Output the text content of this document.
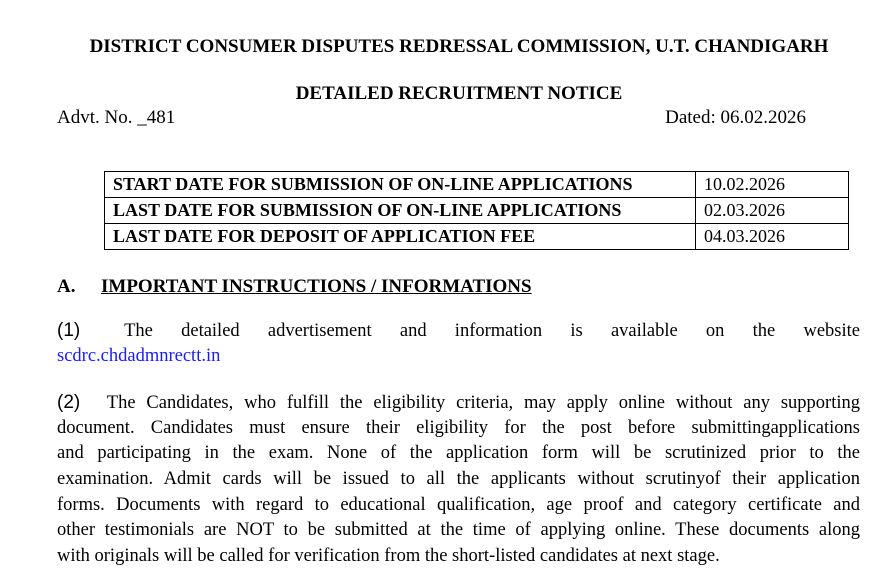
DISTRICT CONSUMER DISPUTES REDRESSAL COMMISSION, U.T. CHANDIGARH
DETAILED RECRUITMENT NOTICE
Advt. No. _481	Dated: 06.02.2026
START DATE FOR SUBMISSION OF ON-LINE APPLICATIONS	10.02.2026
LAST DATE FOR SUBMISSION OF ON-LINE APPLICATIONS	02.03.2026
LAST DATE FOR DEPOSIT OF APPLICATION FEE	04.03.2026
A. IMPORTANT INSTRUCTIONS / INFORMATIONS
(1) The detailed advertisement and information is available on the website
scdrc.chdadmnrectt.in
(2) The Candidates, who fulfill the eligibility criteria, may apply online without any supporting
document. Candidates must ensure their eligibility for the post before submittingapplications
and participating in the exam. None of the application form will be scrutinized prior to the
examination. Admit cards will be issued to all the applicants without scrutinyof their application
forms. Documents with regard to educational qualification, age proof and category certificate and
other testimonials are NOT to be submitted at the time of applying online. These documents along
with originals will be called for verification from the short-listed candidates at next stage.
